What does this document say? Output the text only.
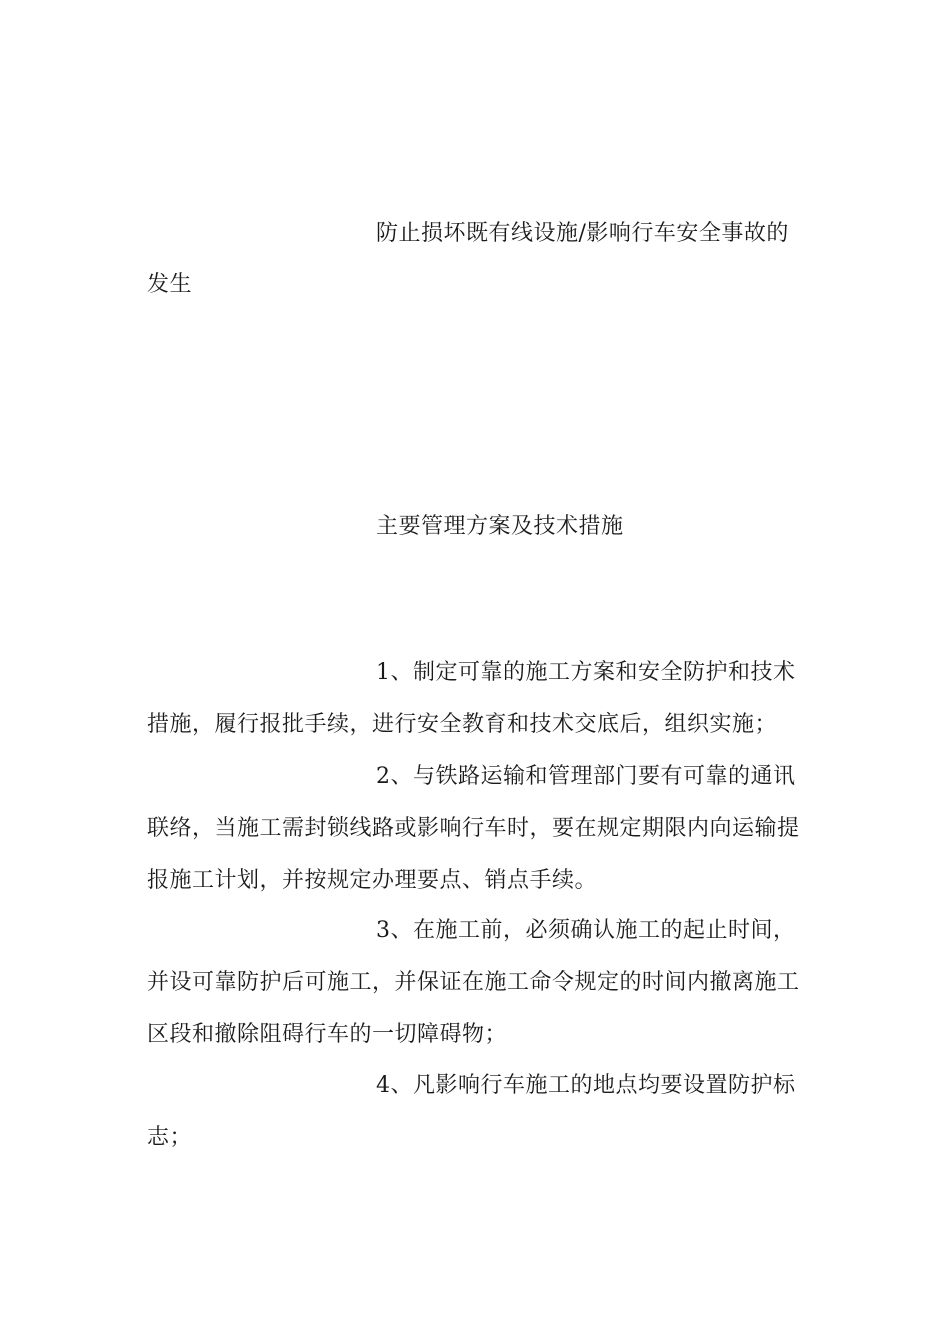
防止损坏既有线设施/影响行车安全事故的
发生
主要管理方案及技术措施
1、制定可靠的施工方案和安全防护和技术
措施，履行报批手续，进行安全教育和技术交底后，组织实施；
2、与铁路运输和管理部门要有可靠的通讯
联络，当施工需封锁线路或影响行车时，要在规定期限内向运输提
报施工计划，并按规定办理要点、销点手续。
3、在施工前，必须确认施工的起止时间，
并设可靠防护后可施工，并保证在施工命令规定的时间内撤离施工
区段和撤除阻碍行车的一切障碍物；
4、凡影响行车施工的地点均要设置防护标
志；
